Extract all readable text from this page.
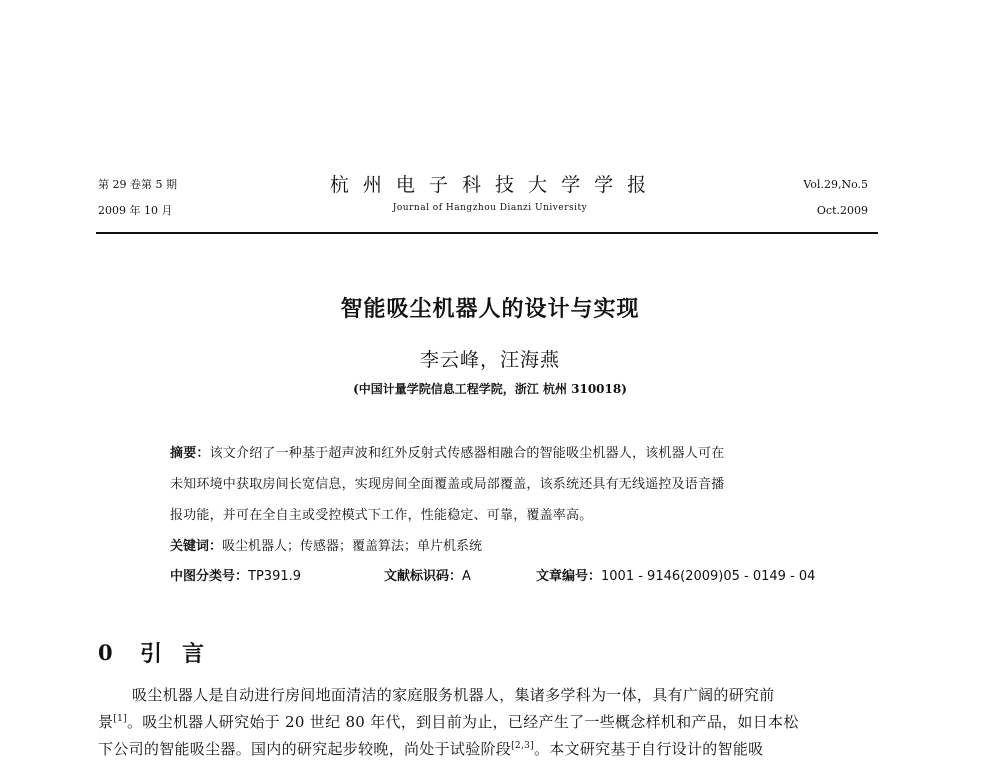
第 29 卷第 5 期
2009 年 10 月
杭 州 电 子 科 技 大 学 学 报
Journal of Hangzhou Dianzi University
Vol.29,No.5
Oct.2009
智能吸尘机器人的设计与实现
李云峰，汪海燕
(中国计量学院信息工程学院，浙江 杭州 310018)
摘要：该文介绍了一种基于超声波和红外反射式传感器相融合的智能吸尘机器人，该机器人可在
未知环境中获取房间长宽信息，实现房间全面覆盖或局部覆盖，该系统还具有无线遥控及语音播
报功能，并可在全自主或受控模式下工作，性能稳定、可靠，覆盖率高。
关键词：吸尘机器人；传感器；覆盖算法；单片机系统
中图分类号：TP391.9	文献标识码：A	文章编号：1001 - 9146(2009)05 - 0149 - 04
0 引言
吸尘机器人是自动进行房间地面清洁的家庭服务机器人，集诸多学科为一体，具有广阔的研究前
景[1]。吸尘机器人研究始于 20 世纪 80 年代，到目前为止，已经产生了一些概念样机和产品，如日本松
下公司的智能吸尘器。国内的研究起步较晚，尚处于试验阶段[2,3]。本文研究基于自行设计的智能吸
